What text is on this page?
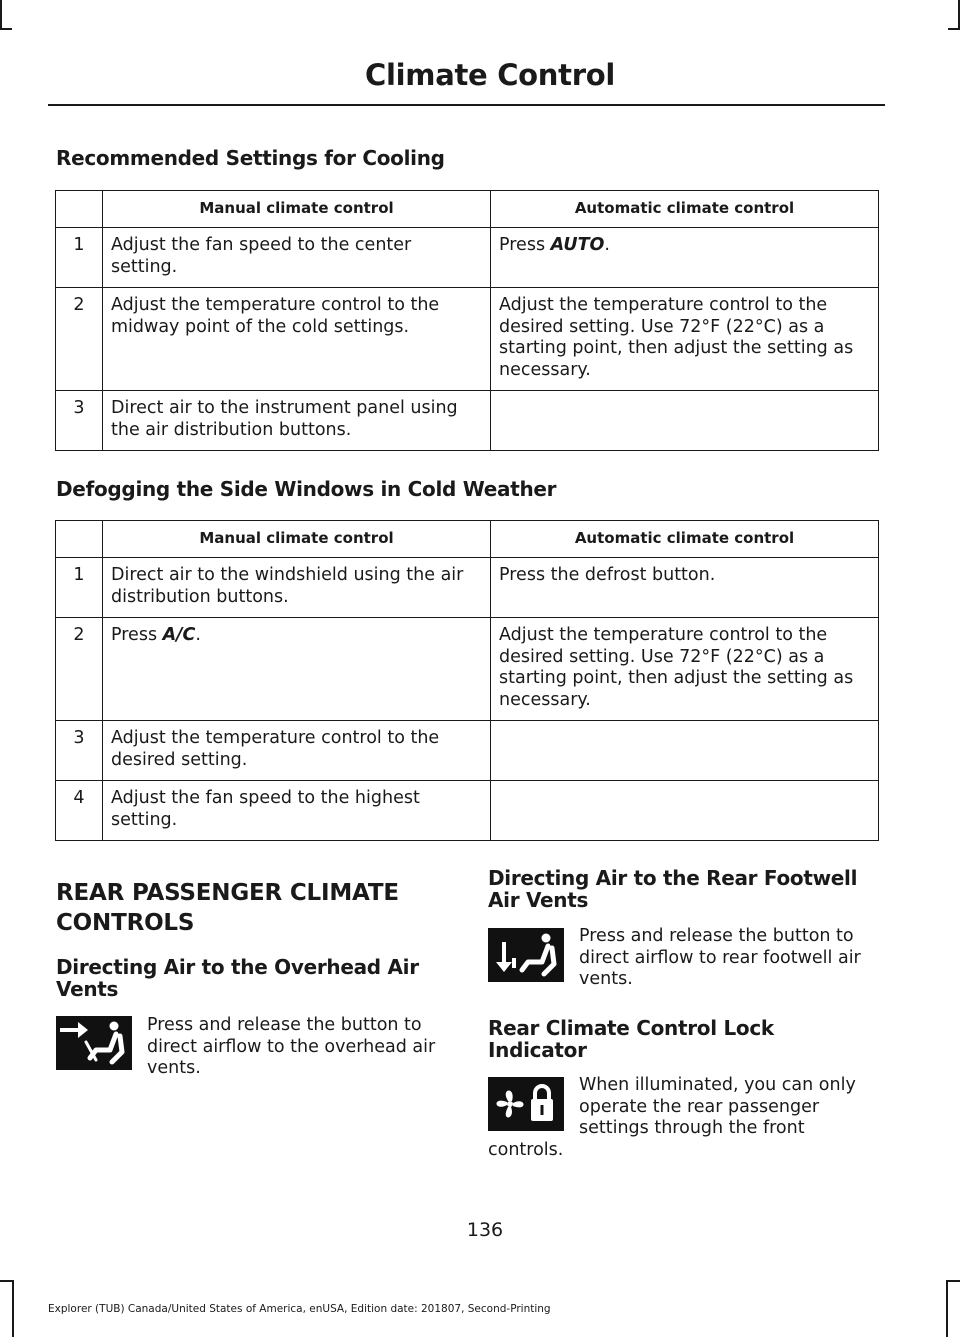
Climate Control
Recommended Settings for Cooling
	Manual climate control	Automatic climate control
1	Adjust the fan speed to the center setting.	Press AUTO.
2	Adjust the temperature control to the midway point of the cold settings.	Adjust the temperature control to the desired setting. Use 72°F (22°C) as a starting point, then adjust the setting as necessary.
3	Direct air to the instrument panel using the air distribution buttons.	
Defogging the Side Windows in Cold Weather
	Manual climate control	Automatic climate control
1	Direct air to the windshield using the air distribution buttons.	Press the defrost button.
2	Press A/C.	Adjust the temperature control to the desired setting. Use 72°F (22°C) as a starting point, then adjust the setting as necessary.
3	Adjust the temperature control to the desired setting.	
4	Adjust the fan speed to the highest setting.	
REAR PASSENGER CLIMATE
CONTROLS
Directing Air to the Overhead Air
Vents
Press and release the button to direct airflow to the overhead air vents.
Directing Air to the Rear Footwell
Air Vents
Press and release the button to direct airflow to rear footwell air vents.
Rear Climate Control Lock
Indicator
When illuminated, you can only
operate the rear passenger
settings through the front
controls.
136
Explorer (TUB) Canada/United States of America, enUSA, Edition date: 201807, Second-Printing
